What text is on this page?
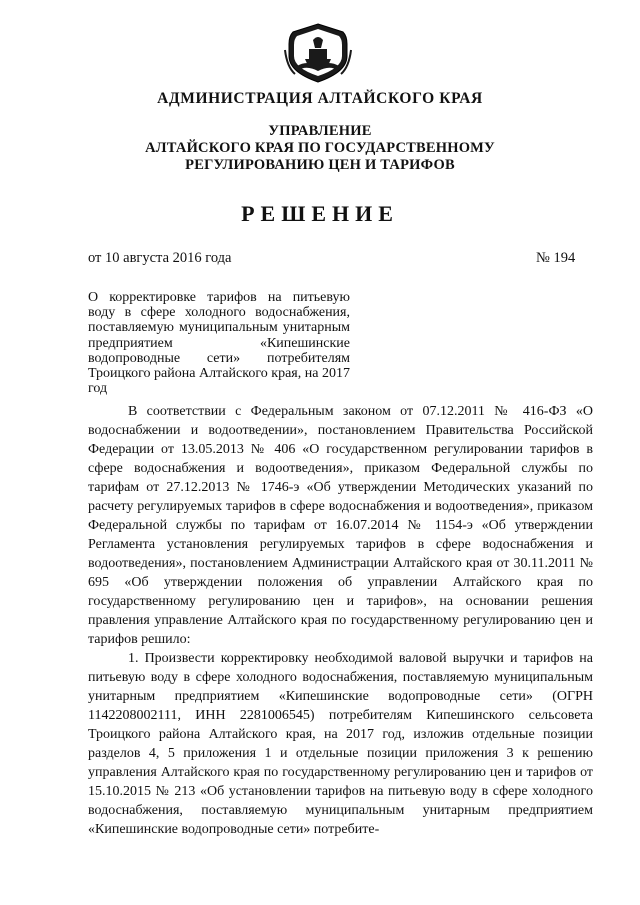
АДМИНИСТРАЦИЯ АЛТАЙСКОГО КРАЯ
УПРАВЛЕНИЕ
АЛТАЙСКОГО КРАЯ ПО ГОСУДАРСТВЕННОМУ
РЕГУЛИРОВАНИЮ ЦЕН И ТАРИФОВ
РЕШЕНИЕ
от 10 августа 2016 года	№ 194
О корректировке тарифов на питьевую воду в сфере холодного водоснабжения, поставляемую муниципальным унитарным предприятием «Кипешинские водопроводные сети» потребителям Троицкого района Алтайского края, на 2017 год

В соответствии с Федеральным законом от 07.12.2011 № 416-ФЗ «О водоснабжении и водоотведении», постановлением Правительства Российской Федерации от 13.05.2013 № 406 «О государственном регулировании тарифов в сфере водоснабжения и водоотведения», приказом Федеральной службы по тарифам от 27.12.2013 № 1746-э «Об утверждении Методических указаний по расчету регулируемых тарифов в сфере водоснабжения и водоотведения», приказом Федеральной службы по тарифам от 16.07.2014 № 1154-э «Об утверждении Регламента установления регулируемых тарифов в сфере водоснабжения и водоотведения», постановлением Администрации Алтайского края от 30.11.2011 № 695 «Об утверждении положения об управлении Алтайского края по государственному регулированию цен и тарифов», на основании решения правления управление Алтайского края по государственному регулированию цен и тарифов решило:

1. Произвести корректировку необходимой валовой выручки и тарифов на питьевую воду в сфере холодного водоснабжения, поставляемую муниципальным унитарным предприятием «Кипешинские водопроводные сети» (ОГРН 1142208002111, ИНН 2281006545) потребителям Кипешинского сельсовета Троицкого района Алтайского края, на 2017 год, изложив отдельные позиции разделов 4, 5 приложения 1 и отдельные позиции приложения 3 к решению управления Алтайского края по государственному регулированию цен и тарифов от 15.10.2015 № 213 «Об установлении тарифов на питьевую воду в сфере холодного водоснабжения, поставляемую муниципальным унитарным предприятием «Кипешинские водопроводные сети» потребите-
